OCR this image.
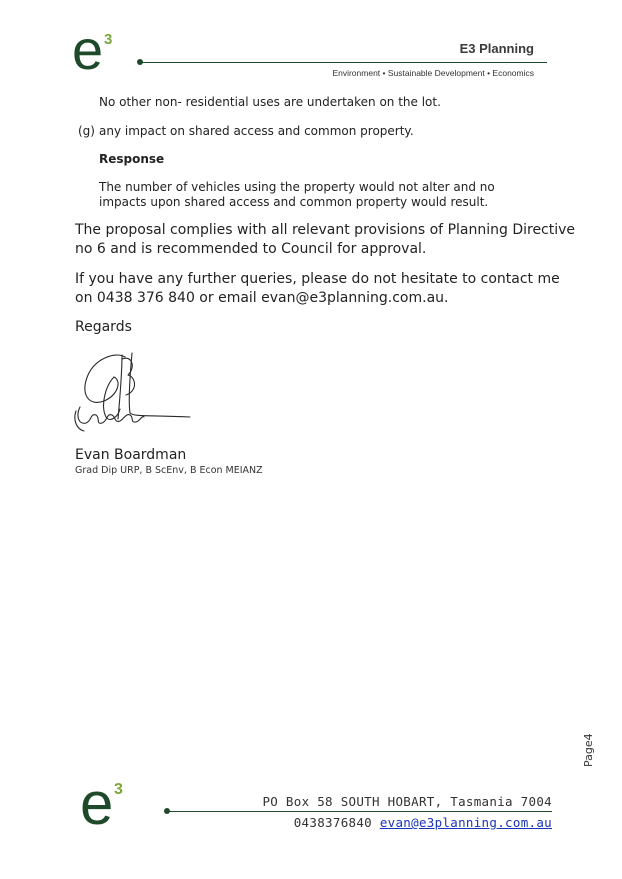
e 3
E3 Planning
Environment • Sustainable Development • Economics
No other non- residential uses are undertaken on the lot.
(g) any impact on shared access and common property.
Response
The number of vehicles using the property would not alter and no
impacts upon shared access and common property would result.
The proposal complies with all relevant provisions of Planning Directive
no 6 and is recommended to Council for approval.
If you have any further queries, please do not hesitate to contact me
on 0438 376 840 or email evan@e3planning.com.au.
Regards
Evan Boardman
Grad Dip URP, B ScEnv, B Econ MEIANZ
Page4
e 3
PO Box 58 SOUTH HOBART, Tasmania 7004
0438376840 evan@e3planning.com.au
